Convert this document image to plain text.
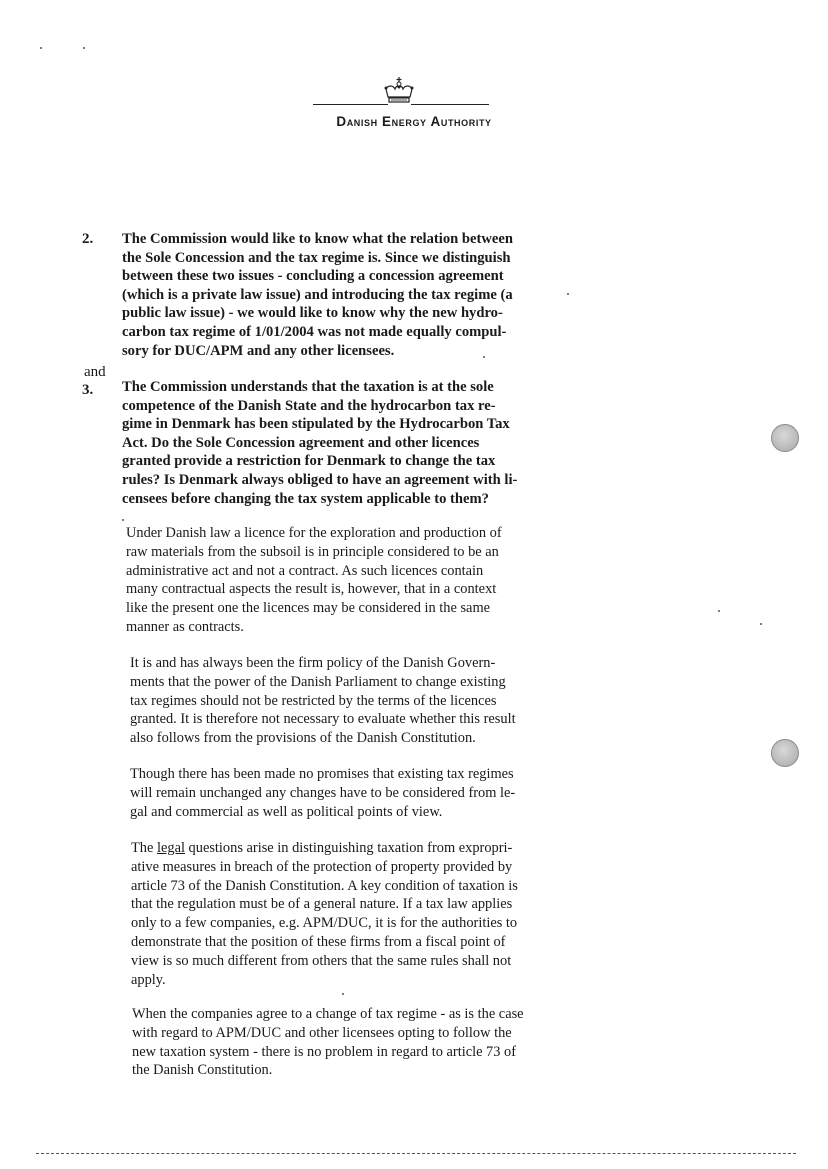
Danish Energy Authority
2. The Commission would like to know what the relation between
the Sole Concession and the tax regime is. Since we distinguish
between these two issues - concluding a concession agreement
(which is a private law issue) and introducing the tax regime (a
public law issue) - we would like to know why the new hydro-
carbon tax regime of 1/01/2004 was not made equally compul-
sory for DUC/APM and any other licensees.
and
3. The Commission understands that the taxation is at the sole
competence of the Danish State and the hydrocarbon tax re-
gime in Denmark has been stipulated by the Hydrocarbon Tax
Act. Do the Sole Concession agreement and other licences
granted provide a restriction for Denmark to change the tax
rules? Is Denmark always obliged to have an agreement with li-
censees before changing the tax system applicable to them?
Under Danish law a licence for the exploration and production of
raw materials from the subsoil is in principle considered to be an
administrative act and not a contract. As such licences contain
many contractual aspects the result is, however, that in a context
like the present one the licences may be considered in the same
manner as contracts.
It is and has always been the firm policy of the Danish Govern-
ments that the power of the Danish Parliament to change existing
tax regimes should not be restricted by the terms of the licences
granted. It is therefore not necessary to evaluate whether this result
also follows from the provisions of the Danish Constitution.
Though there has been made no promises that existing tax regimes
will remain unchanged any changes have to be considered from le-
gal and commercial as well as political points of view.
The legal questions arise in distinguishing taxation from expropri-
ative measures in breach of the protection of property provided by
article 73 of the Danish Constitution. A key condition of taxation is
that the regulation must be of a general nature. If a tax law applies
only to a few companies, e.g. APM/DUC, it is for the authorities to
demonstrate that the position of these firms from a fiscal point of
view is so much different from others that the same rules shall not
apply.
When the companies agree to a change of tax regime - as is the case
with regard to APM/DUC and other licensees opting to follow the
new taxation system - there is no problem in regard to article 73 of
the Danish Constitution.
